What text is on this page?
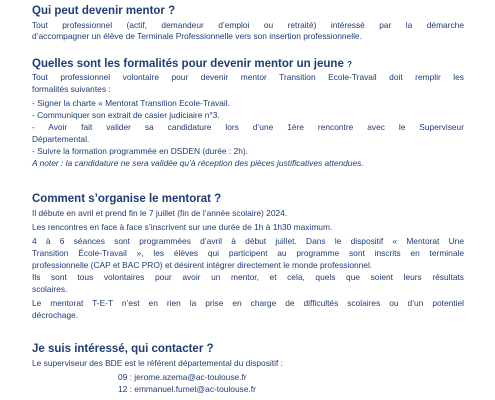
Qui peut devenir mentor ?
Tout professionnel (actif, demandeur d’emploi ou retraité) intéressé par la démarche
d’accompagner un élève de Terminale Professionnelle vers son insertion professionnelle.
Quelles sont les formalités pour devenir mentor un jeune ?
Tout professionnel volontaire pour devenir mentor Transition Ecole-Travail doit remplir les
formalités suivantes :
- Signer la charte « Mentorat Transition Ecole-Travail.
- Communiquer son extrait de casier judiciaire n°3.
- Avoir fait valider sa candidature lors d’une 1ère rencontre avec le Superviseur
Départemental.
- Suivre la formation programmée en DSDEN (durée : 2h).
A noter : la candidature ne sera validée qu’à réception des pièces justificatives attendues.
Comment s’organise le mentorat ?
Il débute en avril et prend fin le 7 juillet (fin de l’année scolaire) 2024.
Les rencontres en face à face s’inscrivent sur une durée de 1h à 1h30 maximum.
4 à 6 séances sont programmées d’avril à début juillet. Dans le dispositif « Mentorat Une
Transition École-Travail », les élèves qui participent au programme sont inscrits en terminale
professionnelle (CAP et BAC PRO) et désirent intégrer directement le monde professionnel.
Ils sont tous volontaires pour avoir un mentor, et cela, quels que soient leurs résultats
scolaires.
Le mentorat T-E-T n’est en rien la prise en charge de difficultés scolaires ou d’un potentiel
décrochage.
Je suis intéressé, qui contacter ?
Le superviseur des BDE est le référent départemental du dispositif :
09 : jerome.azema@ac-toulouse.fr
12 : emmanuel.fumet@ac-toulouse.fr
